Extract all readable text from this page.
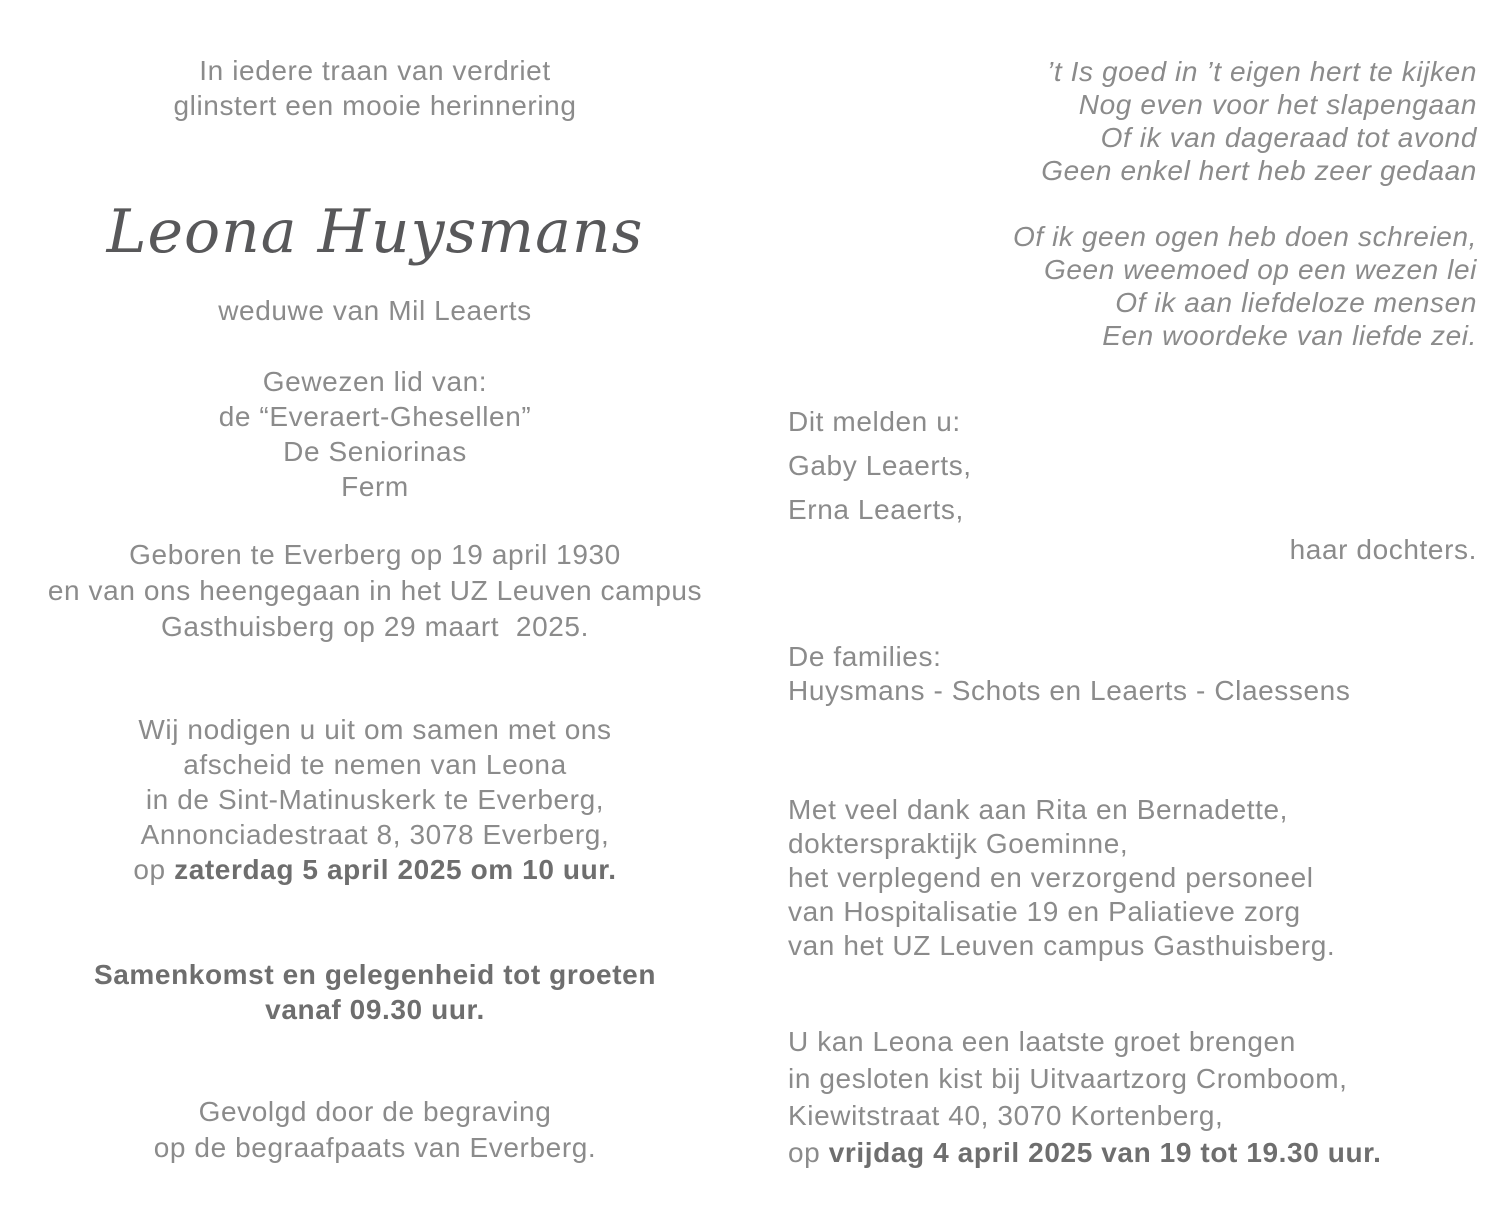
In iedere traan van verdriet
glinstert een mooie herinnering
Leona Huysmans
weduwe van Mil Leaerts
Gewezen lid van:
de “Everaert-Ghesellen”
De Seniorinas
Ferm
Geboren te Everberg op 19 april 1930
en van ons heengegaan in het UZ Leuven campus
Gasthuisberg op 29 maart  2025.
Wij nodigen u uit om samen met ons
afscheid te nemen van Leona
in de Sint-Matinuskerk te Everberg,
Annonciadestraat 8, 3078 Everberg,
op zaterdag 5 april 2025 om 10 uur.
Samenkomst en gelegenheid tot groeten
vanaf 09.30 uur.
Gevolgd door de begraving
op de begraafpaats van Everberg.
’t Is goed in ’t eigen hert te kijken
Nog even voor het slapengaan
Of ik van dageraad tot avond
Geen enkel hert heb zeer gedaan
Of ik geen ogen heb doen schreien,
Geen weemoed op een wezen lei
Of ik aan liefdeloze mensen
Een woordeke van liefde zei.
Dit melden u:
Gaby Leaerts,
Erna Leaerts,
haar dochters.
De families:
Huysmans - Schots en Leaerts - Claessens
Met veel dank aan Rita en Bernadette,
dokterspraktijk Goeminne,
het verplegend en verzorgend personeel
van Hospitalisatie 19 en Paliatieve zorg
van het UZ Leuven campus Gasthuisberg.
U kan Leona een laatste groet brengen
in gesloten kist bij Uitvaartzorg Cromboom,
Kiewitstraat 40, 3070 Kortenberg,
op vrijdag 4 april 2025 van 19 tot 19.30 uur.
